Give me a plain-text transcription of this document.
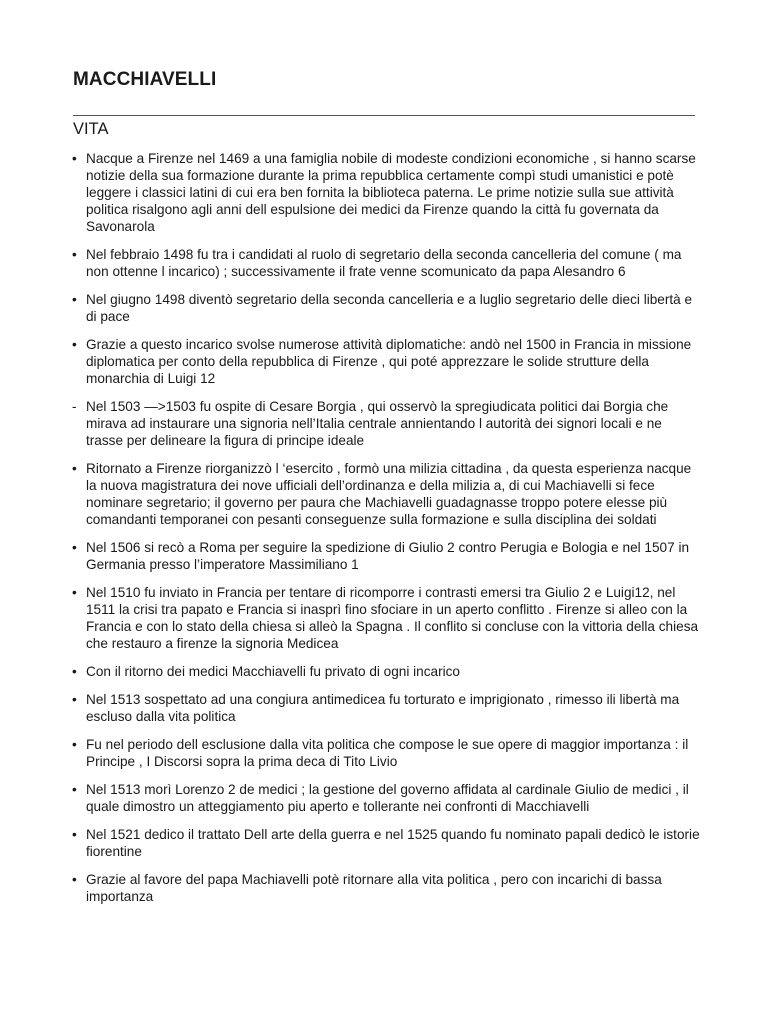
MACCHIAVELLI
VITA
• Nacque a Firenze nel 1469 a una famiglia nobile di modeste condizioni economiche , si hanno scarse notizie della sua formazione durante la prima repubblica certamente compì studi umanistici e potè leggere i classici latini di cui era ben fornita la biblioteca paterna. Le prime notizie sulla sue attività politica risalgono agli anni dell espulsione dei medici da Firenze quando la città fu governata da Savonarola
• Nel febbraio 1498 fu tra i candidati al ruolo di segretario della seconda cancelleria del comune ( ma non ottenne l incarico) ; successivamente il frate venne scomunicato da papa Alesandro 6
• Nel giugno 1498 diventò segretario della seconda cancelleria e a luglio segretario delle dieci libertà e di pace
• Grazie a questo incarico svolse numerose attività diplomatiche: andò nel 1500 in Francia in missione diplomatica per conto della repubblica di Firenze , qui poté apprezzare le solide strutture della monarchia di Luigi 12
- Nel 1503 —>1503 fu ospite di Cesare Borgia , qui osservò la spregiudicata politici dai Borgia che mirava ad instaurare una signoria nell’Italia centrale annientando l autorità dei signori locali e ne trasse per delineare la figura di principe ideale
• Ritornato a Firenze riorganizzò l ‘esercito , formò una milizia cittadina , da questa esperienza nacque la nuova magistratura dei nove ufficiali dell’ordinanza e della milizia a, di cui Machiavelli si fece nominare segretario; il governo per paura che Machiavelli guadagnasse troppo potere elesse più comandanti temporanei con pesanti conseguenze sulla formazione e sulla disciplina dei soldati
• Nel 1506 si recò a Roma per seguire la spedizione di Giulio 2 contro Perugia e Bologia e nel 1507 in Germania presso l’imperatore Massimiliano 1
• Nel 1510 fu inviato in Francia per tentare di ricomporre i contrasti emersi tra Giulio 2 e Luigi12, nel 1511 la crisi tra papato e Francia si inasprì fino sfociare in un aperto conflitto . Firenze si alleo con la Francia e con lo stato della chiesa si alleò la Spagna . Il conflito si concluse con la vittoria della chiesa che restauro a firenze la signoria Medicea
• Con il ritorno dei medici Macchiavelli fu privato di ogni incarico
• Nel 1513 sospettato ad una congiura antimedicea fu torturato e imprigionato , rimesso ili libertà ma escluso dalla vita politica
• Fu nel periodo dell esclusione dalla vita politica che compose le sue opere di maggior importanza : il Principe , I Discorsi sopra la prima deca di Tito Livio
• Nel 1513 morì Lorenzo 2 de medici ; la gestione del governo affidata al cardinale Giulio de medici , il quale dimostro un atteggiamento piu aperto e tollerante nei confronti di Macchiavelli
• Nel 1521 dedico il trattato Dell arte della guerra e nel 1525 quando fu nominato papali dedicò le istorie fiorentine
• Grazie al favore del papa Machiavelli potè ritornare alla vita politica , pero con incarichi di bassa importanza
